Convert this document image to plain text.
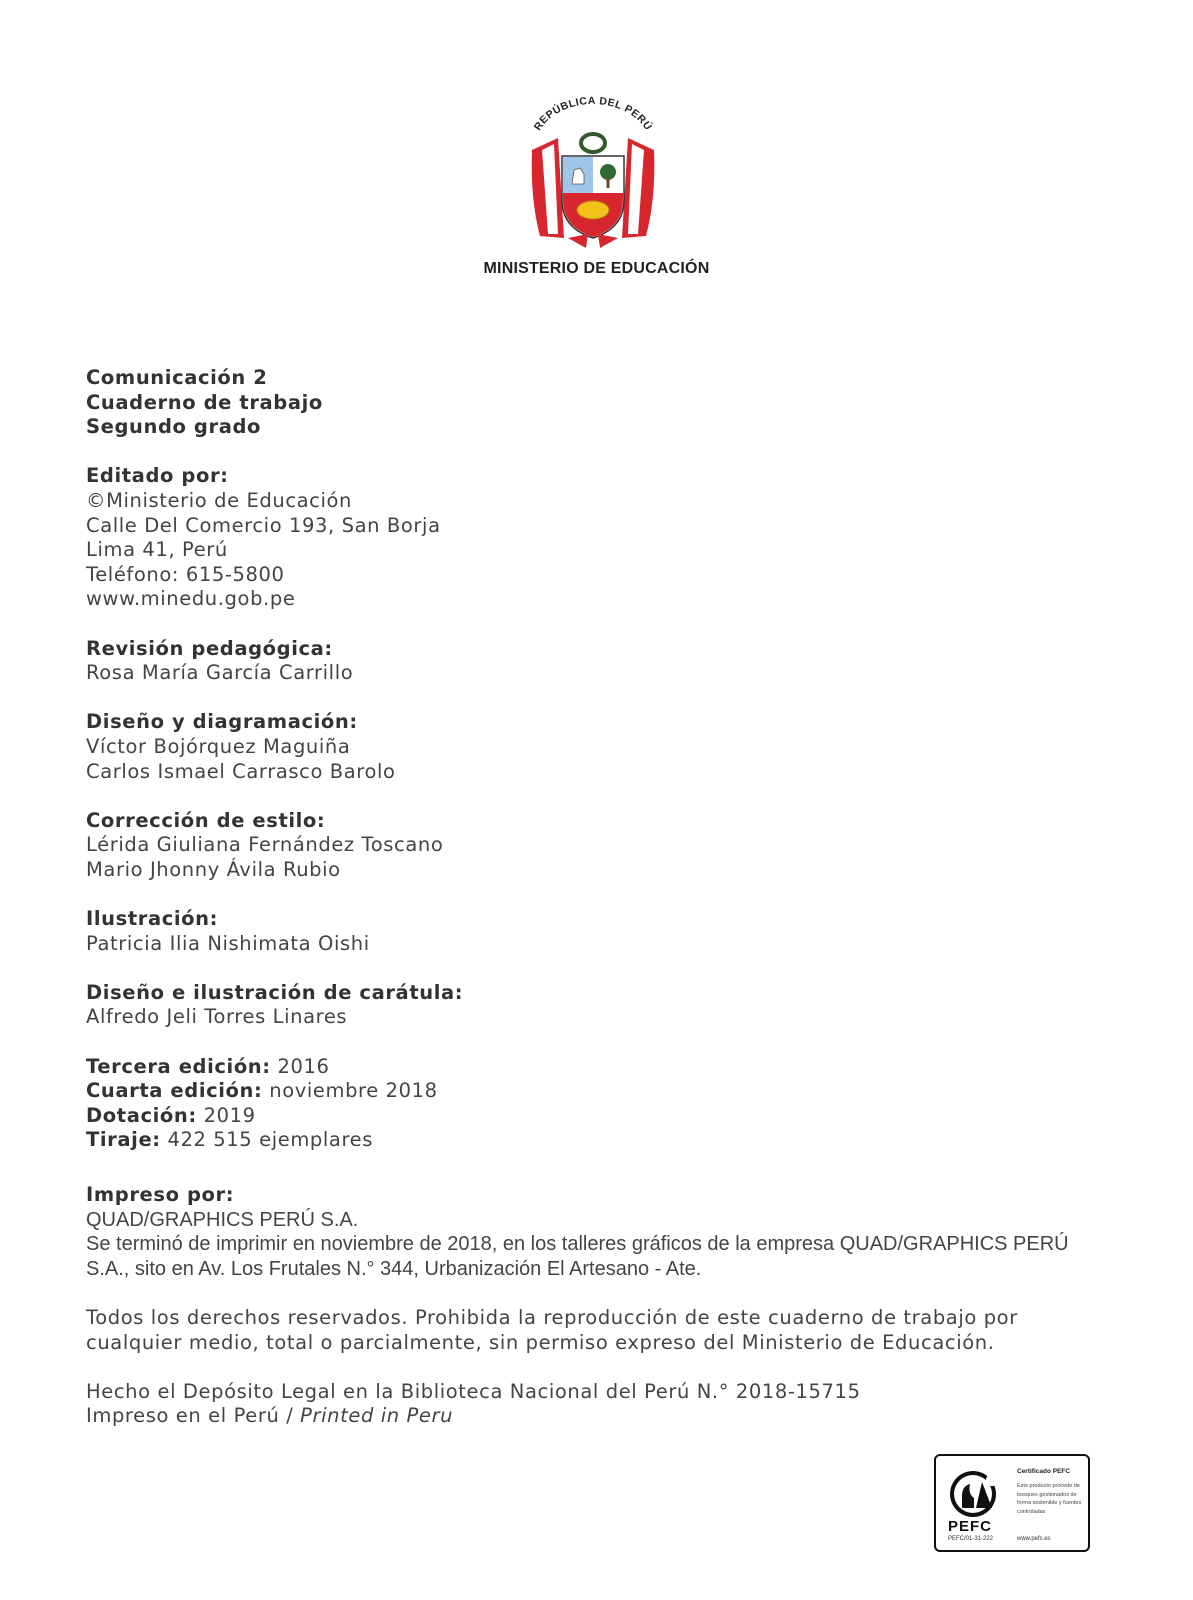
REPÚBLICA DEL PERÚ
MINISTERIO DE EDUCACIÓN
Comunicación 2
Cuaderno de trabajo
Segundo grado
Editado por:
©Ministerio de Educación
Calle Del Comercio 193, San Borja
Lima 41, Perú
Teléfono: 615-5800
www.minedu.gob.pe
Revisión pedagógica:
Rosa María García Carrillo
Diseño y diagramación:
Víctor Bojórquez Maguiña
Carlos Ismael Carrasco Barolo
Corrección de estilo:
Lérida Giuliana Fernández Toscano
Mario Jhonny Ávila Rubio
Ilustración:
Patricia Ilia Nishimata Oishi
Diseño e ilustración de carátula:
Alfredo Jeli Torres Linares
Tercera edición: 2016
Cuarta edición: noviembre 2018
Dotación: 2019
Tiraje: 422 515 ejemplares
Impreso por:
QUAD/GRAPHICS PERÚ S.A.
Se terminó de imprimir en noviembre de 2018, en los talleres gráficos de la empresa QUAD/GRAPHICS PERÚ S.A., sito en Av. Los Frutales N.° 344, Urbanización El Artesano - Ate.
Todos los derechos reservados. Prohibida la reproducción de este cuaderno de trabajo por cualquier medio, total o parcialmente, sin permiso expreso del Ministerio de Educación.
Hecho el Depósito Legal en la Biblioteca Nacional del Perú N.° 2018-15715
Impreso en el Perú / Printed in Peru
PEFC
PEFC/01-31-222
Certificado PEFC
Este producto procede de bosques gestionados de forma sostenible y fuentes controladas
www.pefc.es
